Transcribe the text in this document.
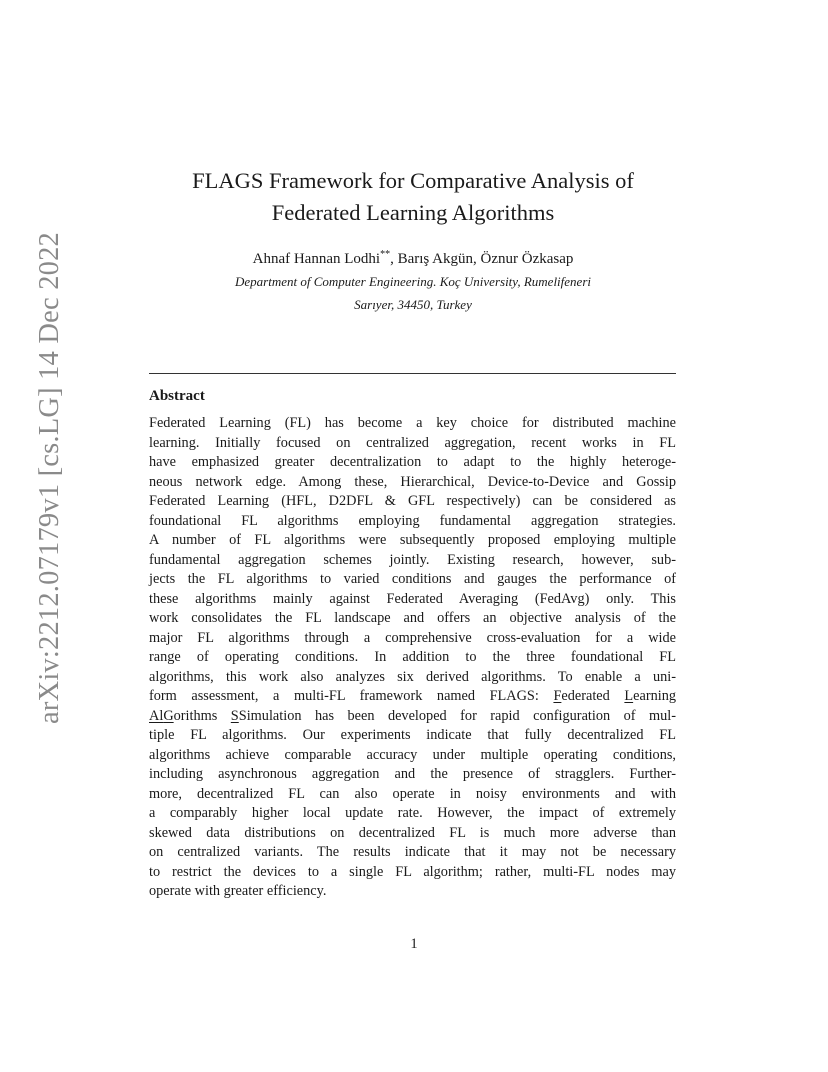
arXiv:2212.07179v1 [cs.LG] 14 Dec 2022
FLAGS Framework for Comparative Analysis of
Federated Learning Algorithms
Ahnaf Hannan Lodhi**, Barış Akgün, Öznur Özkasap
Department of Computer Engineering. Koç University, Rumelifeneri
Sarıyer, 34450, Turkey
Abstract
Federated Learning (FL) has become a key choice for distributed machine
learning. Initially focused on centralized aggregation, recent works in FL
have emphasized greater decentralization to adapt to the highly heteroge-
neous network edge. Among these, Hierarchical, Device-to-Device and Gossip
Federated Learning (HFL, D2DFL & GFL respectively) can be considered as
foundational FL algorithms employing fundamental aggregation strategies.
A number of FL algorithms were subsequently proposed employing multiple
fundamental aggregation schemes jointly. Existing research, however, sub-
jects the FL algorithms to varied conditions and gauges the performance of
these algorithms mainly against Federated Averaging (FedAvg) only. This
work consolidates the FL landscape and offers an objective analysis of the
major FL algorithms through a comprehensive cross-evaluation for a wide
range of operating conditions. In addition to the three foundational FL
algorithms, this work also analyzes six derived algorithms. To enable a uni-
form assessment, a multi-FL framework named FLAGS: Federated Learning
AlGorithms SSimulation has been developed for rapid configuration of mul-
tiple FL algorithms. Our experiments indicate that fully decentralized FL
algorithms achieve comparable accuracy under multiple operating conditions,
including asynchronous aggregation and the presence of stragglers. Further-
more, decentralized FL can also operate in noisy environments and with
a comparably higher local update rate. However, the impact of extremely
skewed data distributions on decentralized FL is much more adverse than
on centralized variants. The results indicate that it may not be necessary
to restrict the devices to a single FL algorithm; rather, multi-FL nodes may
operate with greater efficiency.
1
